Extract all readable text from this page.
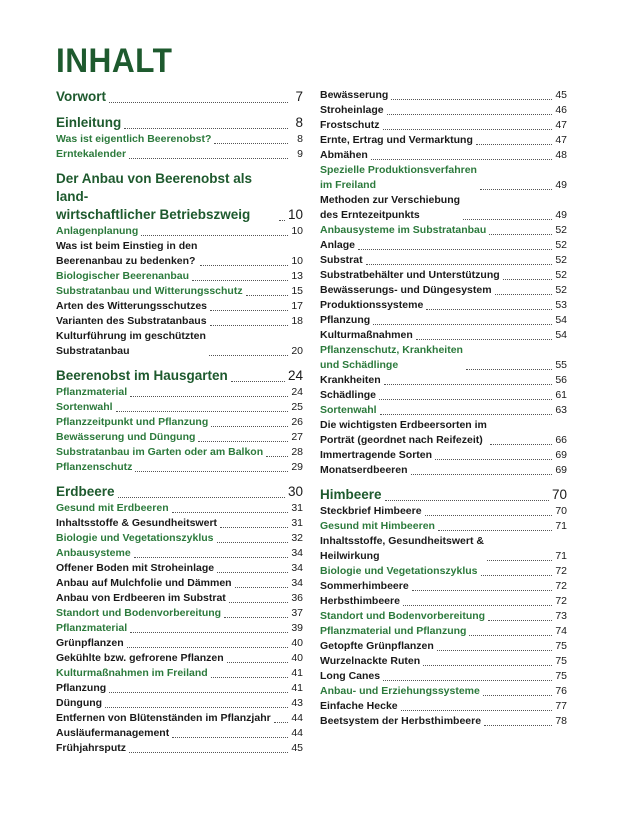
INHALT
Vorwort	7
Einleitung	8
Was ist eigentlich Beerenobst?	8
Erntekalender	9
Der Anbau von Beerenobst als land-
wirtschaftlicher Betriebszweig	10
Anlagenplanung	10
Was ist beim Einstieg in den
Beerenanbau zu bedenken?	10
Biologischer Beerenanbau	13
Substratanbau und Witterungsschutz	15
Arten des Witterungsschutzes	17
Varianten des Substratanbaus	18
Kulturführung im geschützten
Substratanbau	20
Beerenobst im Hausgarten	24
Pflanzmaterial	24
Sortenwahl	25
Pflanzzeitpunkt und Pflanzung	26
Bewässerung und Düngung	27
Substratanbau im Garten oder am Balkon	28
Pflanzenschutz	29
Erdbeere	30
Gesund mit Erdbeeren	31
Inhaltsstoffe & Gesundheitswert	31
Biologie und Vegetationszyklus	32
Anbausysteme	34
Offener Boden mit Stroheinlage	34
Anbau auf Mulchfolie und Dämmen	34
Anbau von Erdbeeren im Substrat	36
Standort und Bodenvorbereitung	37
Pflanzmaterial	39
Grünpflanzen	40
Gekühlte bzw. gefrorene Pflanzen	40
Kulturmaßnahmen im Freiland	41
Pflanzung	41
Düngung	43
Entfernen von Blütenständen im Pflanzjahr 44
Ausläufermanagement	44
Frühjahrsputz	45
Bewässerung	45
Stroheinlage	46
Frostschutz	47
Ernte, Ertrag und Vermarktung	47
Abmähen	48
Spezielle Produktionsverfahren
im Freiland	49
Methoden zur Verschiebung
des Erntezeitpunkts	49
Anbausysteme im Substratanbau	52
Anlage	52
Substrat	52
Substratbehälter und Unterstützung	52
Bewässerungs- und Düngesystem	52
Produktionssysteme	53
Pflanzung	54
Kulturmaßnahmen	54
Pflanzenschutz, Krankheiten
und Schädlinge	55
Krankheiten	56
Schädlinge	61
Sortenwahl	63
Die wichtigsten Erdbeersorten im
Porträt (geordnet nach Reifezeit)	66
Immertragende Sorten	69
Monatserdbeeren	69
Himbeere	70
Steckbrief Himbeere	70
Gesund mit Himbeeren	71
Inhaltsstoffe, Gesundheitswert &
Heilwirkung	71
Biologie und Vegetationszyklus	72
Sommerhimbeere	72
Herbsthimbeere	72
Standort und Bodenvorbereitung	73
Pflanzmaterial und Pflanzung	74
Getopfte Grünpflanzen	75
Wurzelnackte Ruten	75
Long Canes	75
Anbau- und Erziehungssysteme	76
Einfache Hecke	77
Beetsystem der Herbsthimbeere	78
